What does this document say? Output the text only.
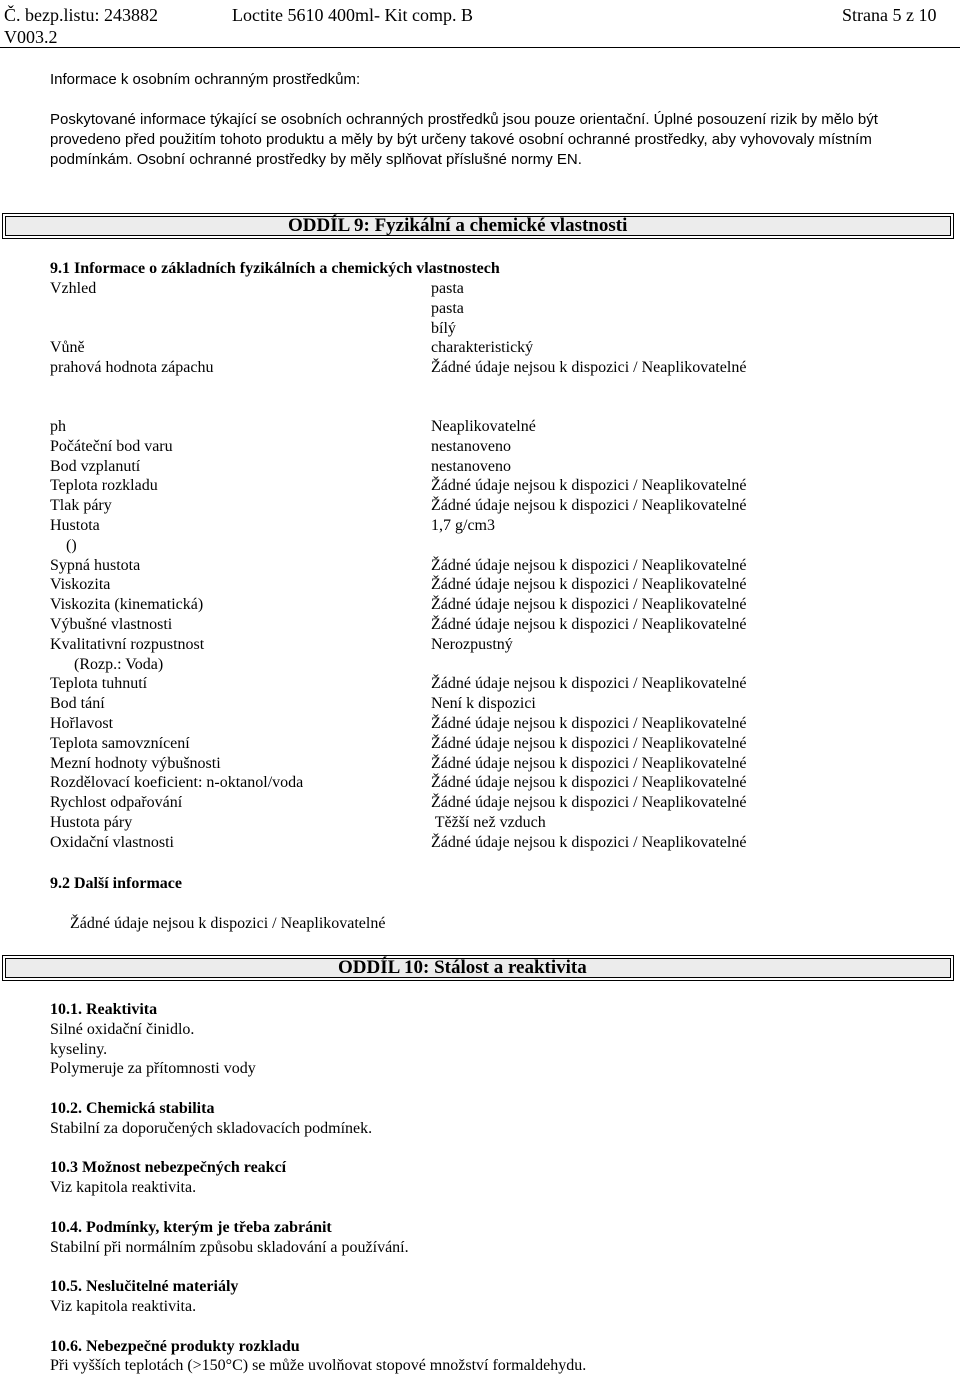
Č. bezp.listu: 243882
V003.2
Loctite 5610 400ml- Kit comp. B	Strana 5 z 10
Informace k osobním ochranným prostředkům:
Poskytované informace týkající se osobních ochranných prostředků jsou pouze orientační. Úplné posouzení rizik by mělo být
provedeno před použitím tohoto produktu a měly by být určeny takové osobní ochranné prostředky, aby vyhovovaly místním
podmínkám. Osobní ochranné prostředky by měly splňovat příslušné normy EN.
ODDÍL 9: Fyzikální a chemické vlastnosti
9.1 Informace o základních fyzikálních a chemických vlastnostech
Vzhled	pasta
pasta
bílý
Vůně	charakteristický
prahová hodnota zápachu	Žádné údaje nejsou k dispozici / Neaplikovatelné
ph	Neaplikovatelné
Počáteční bod varu	nestanoveno
Bod vzplanutí	nestanoveno
Teplota rozkladu	Žádné údaje nejsou k dispozici / Neaplikovatelné
Tlak páry	Žádné údaje nejsou k dispozici / Neaplikovatelné
Hustota	1,7 g/cm3
()
Sypná hustota	Žádné údaje nejsou k dispozici / Neaplikovatelné
Viskozita	Žádné údaje nejsou k dispozici / Neaplikovatelné
Viskozita (kinematická)	Žádné údaje nejsou k dispozici / Neaplikovatelné
Výbušné vlastnosti	Žádné údaje nejsou k dispozici / Neaplikovatelné
Kvalitativní rozpustnost	Nerozpustný
(Rozp.: Voda)
Teplota tuhnutí	Žádné údaje nejsou k dispozici / Neaplikovatelné
Bod tání	Není k dispozici
Hořlavost	Žádné údaje nejsou k dispozici / Neaplikovatelné
Teplota samovznícení	Žádné údaje nejsou k dispozici / Neaplikovatelné
Mezní hodnoty výbušnosti	Žádné údaje nejsou k dispozici / Neaplikovatelné
Rozdělovací koeficient: n-oktanol/voda	Žádné údaje nejsou k dispozici / Neaplikovatelné
Rychlost odpařování	Žádné údaje nejsou k dispozici / Neaplikovatelné
Hustota páry	Těžší než vzduch
Oxidační vlastnosti	Žádné údaje nejsou k dispozici / Neaplikovatelné
9.2 Další informace
Žádné údaje nejsou k dispozici / Neaplikovatelné
ODDÍL 10: Stálost a reaktivita
10.1. Reaktivita
Silné oxidační činidlo.
kyseliny.
Polymeruje za přítomnosti vody
10.2. Chemická stabilita
Stabilní za doporučených skladovacích podmínek.
10.3 Možnost nebezpečných reakcí
Viz kapitola reaktivita.
10.4. Podmínky, kterým je třeba zabránit
Stabilní při normálním způsobu skladování a používání.
10.5. Neslučitelné materiály
Viz kapitola reaktivita.
10.6. Nebezpečné produkty rozkladu
Při vyšších teplotách (>150°C) se může uvolňovat stopové množství formaldehydu.
